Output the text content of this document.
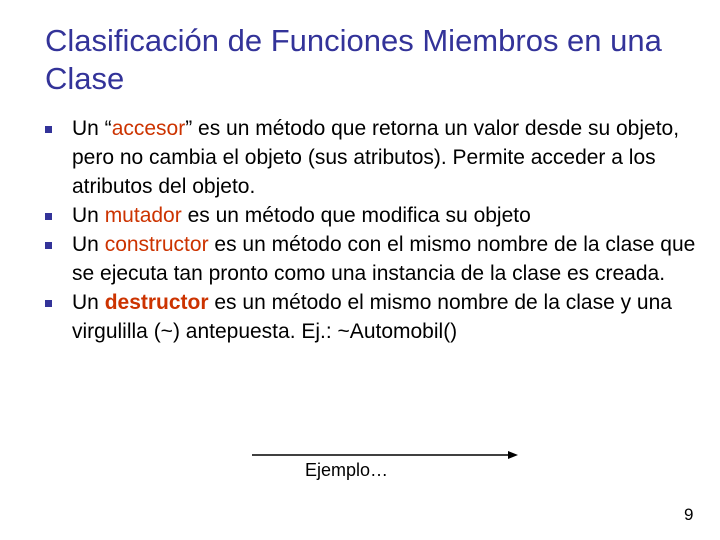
Clasificación de Funciones Miembros en una Clase
Un “accesor” es un método que retorna un valor desde su objeto, pero no cambia el objeto (sus atributos). Permite acceder a los atributos del objeto.
Un mutador es un método que modifica su objeto
Un constructor es un método con el mismo nombre de la clase que se ejecuta tan pronto como una instancia de la clase es creada.
Un destructor es un método el mismo nombre de la clase y una virgulilla (~) antepuesta. Ej.: ~Automobil()
Ejemplo…
9
